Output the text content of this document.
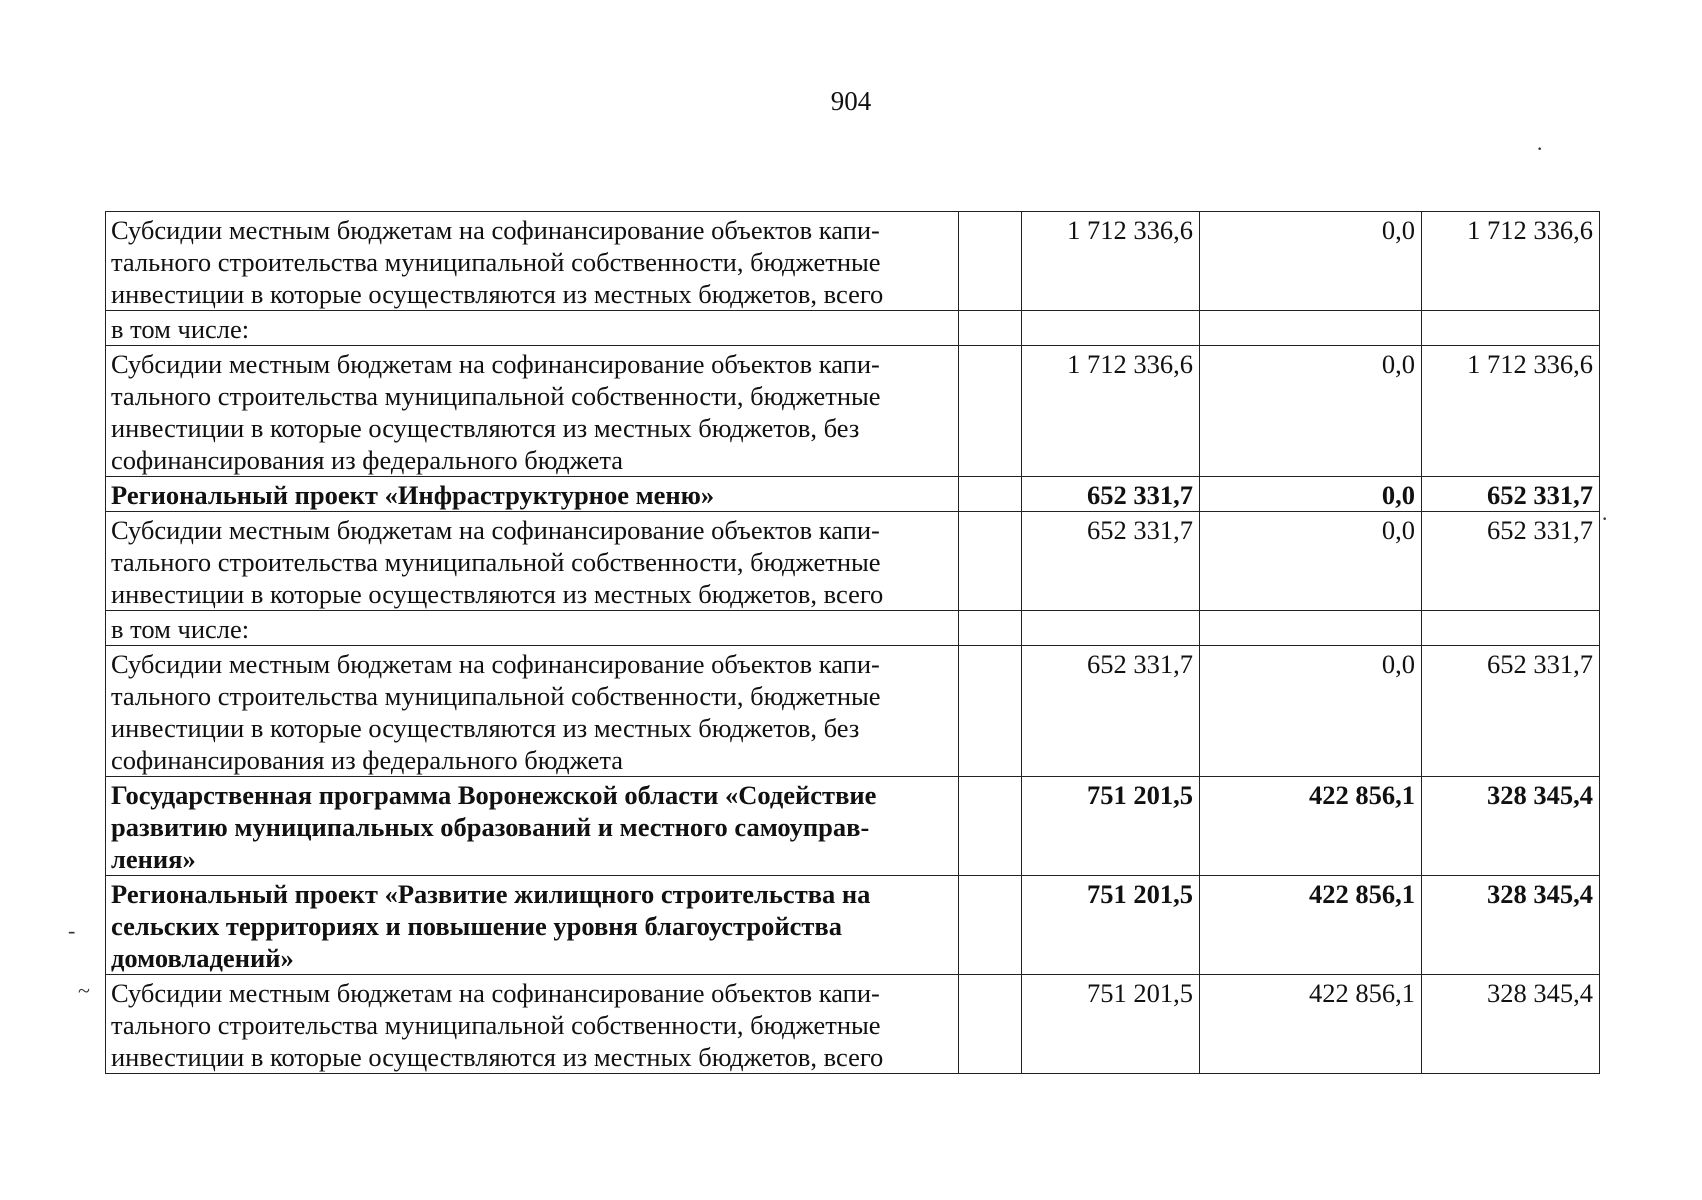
904
·
·
-
~
Субсидии местным бюджетам на софинансирование объектов капи-тального строительства муниципальной собственности, бюджетные инвестиции в которые осуществляются из местных бюджетов, всего		1 712 336,6	0,0	1 712 336,6
в том числе:				
Субсидии местным бюджетам на софинансирование объектов капи-тального строительства муниципальной собственности, бюджетные инвестиции в которые осуществляются из местных бюджетов, без софинансирования из федерального бюджета		1 712 336,6	0,0	1 712 336,6
Региональный проект «Инфраструктурное меню»		652 331,7	0,0	652 331,7
Субсидии местным бюджетам на софинансирование объектов капи-тального строительства муниципальной собственности, бюджетные инвестиции в которые осуществляются из местных бюджетов, всего		652 331,7	0,0	652 331,7
в том числе:				
Субсидии местным бюджетам на софинансирование объектов капи-тального строительства муниципальной собственности, бюджетные инвестиции в которые осуществляются из местных бюджетов, без софинансирования из федерального бюджета		652 331,7	0,0	652 331,7
Государственная программа Воронежской области «Содействие развитию муниципальных образований и местного самоуправ-ления»		751 201,5	422 856,1	328 345,4
Региональный проект «Развитие жилищного строительства на сельских территориях и повышение уровня благоустройства домовладений»		751 201,5	422 856,1	328 345,4
Субсидии местным бюджетам на софинансирование объектов капи-тального строительства муниципальной собственности, бюджетные инвестиции в которые осуществляются из местных бюджетов, всего		751 201,5	422 856,1	328 345,4
